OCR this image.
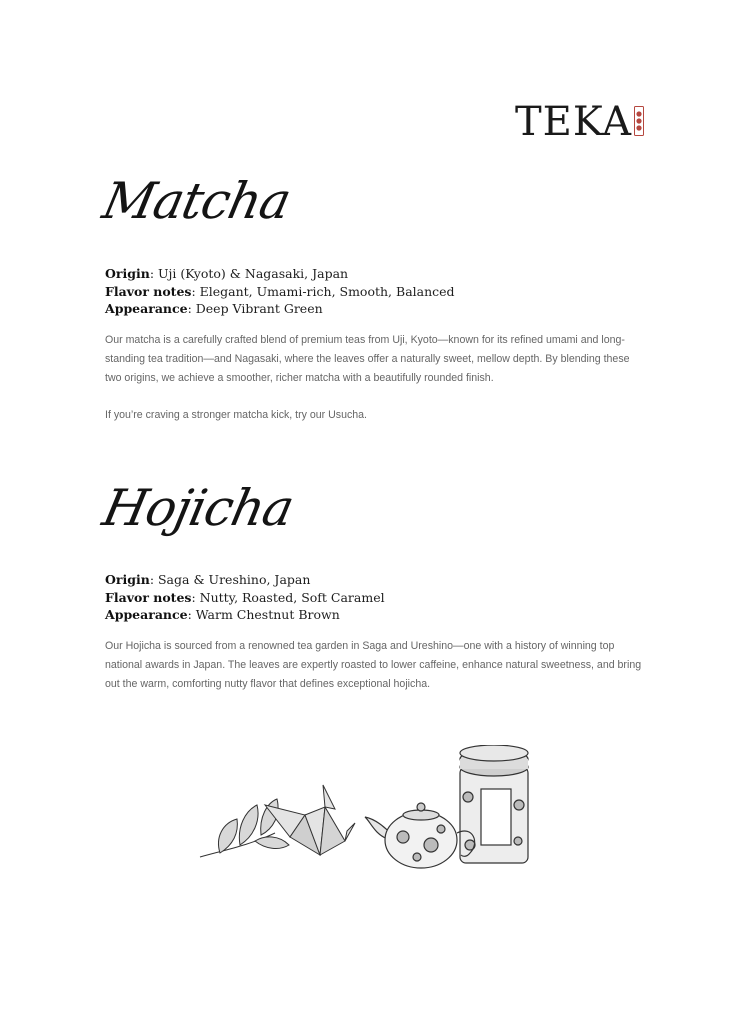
TEKA
Matcha
Origin: Uji (Kyoto) & Nagasaki, Japan
Flavor notes: Elegant, Umami-rich, Smooth, Balanced
Appearance: Deep Vibrant Green
Our matcha is a carefully crafted blend of premium teas from Uji, Kyoto—known for its refined umami and long-standing tea tradition—and Nagasaki, where the leaves offer a naturally sweet, mellow depth. By blending these two origins, we achieve a smoother, richer matcha with a beautifully rounded finish.
If you’re craving a stronger matcha kick, try our Usucha.
Hojicha
Origin: Saga & Ureshino, Japan
Flavor notes: Nutty, Roasted, Soft Caramel
Appearance: Warm Chestnut Brown
Our Hojicha is sourced from a renowned tea garden in Saga and Ureshino—one with a history of winning top national awards in Japan. The leaves are expertly roasted to lower caffeine, enhance natural sweetness, and bring out the warm, comforting nutty flavor that defines exceptional hojicha.
